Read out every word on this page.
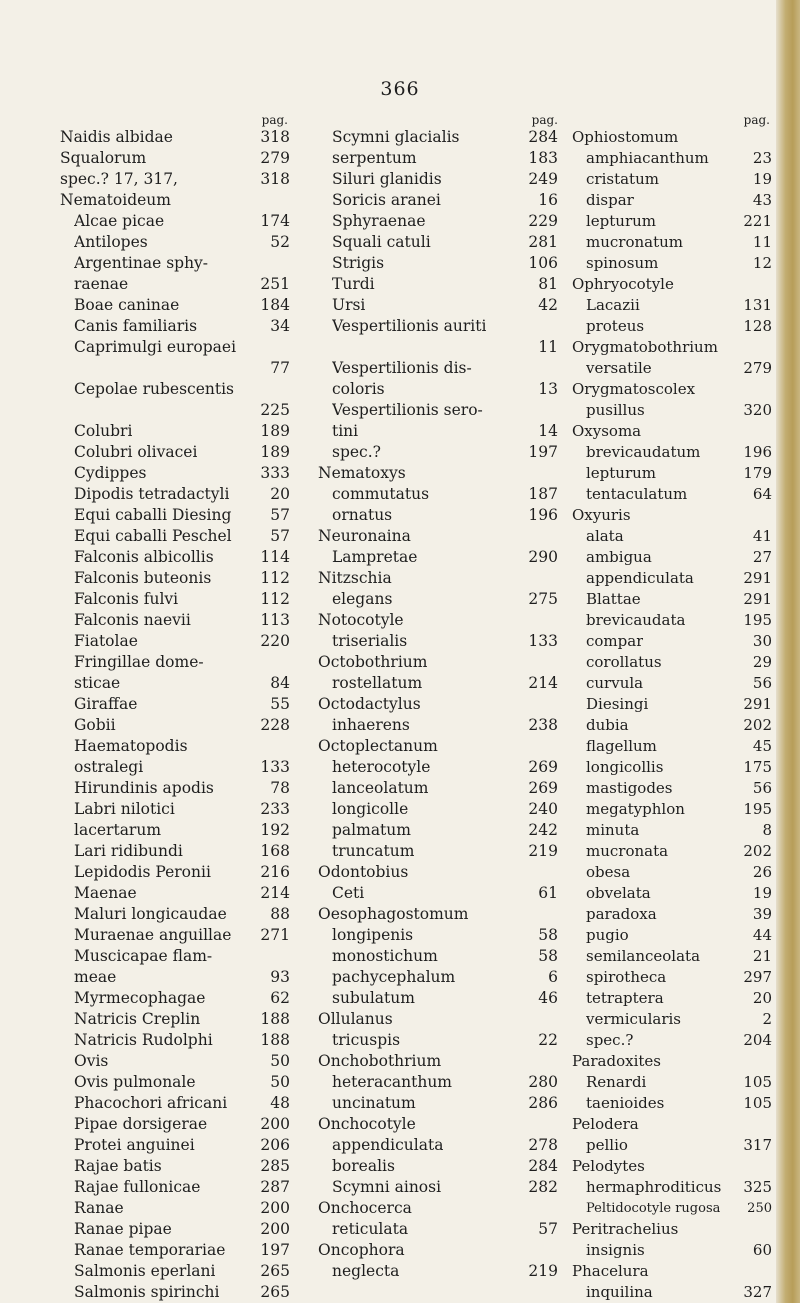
366
pag.
Naidis albidae	318
Squalorum	279
spec.? 17, 317,	318
Nematoideum
Alcae picae	174
Antilopes	52
Argentinae sphy-
raenae	251
Boae caninae	184
Canis familiaris	34
Caprimulgi europaei
77
Cepolae rubescentis
225
Colubri	189
Colubri olivacei	189
Cydippes	333
Dipodis tetradactyli	20
Equi caballi Diesing	57
Equi caballi Peschel	57
Falconis albicollis	114
Falconis buteonis	112
Falconis fulvi	112
Falconis naevii	113
Fiatolae	220
Fringillae dome-
sticae	84
Giraffae	55
Gobii	228
Haematopodis
ostralegi	133
Hirundinis apodis	78
Labri nilotici	233
lacertarum	192
Lari ridibundi	168
Lepidodis Peronii	216
Maenae	214
Maluri longicaudae	88
Muraenae anguillae	271
Muscicapae flam-
meae	93
Myrmecophagae	62
Natricis Creplin	188
Natricis Rudolphi	188
Ovis	50
Ovis pulmonale	50
Phacochori africani	48
Pipae dorsigerae	200
Protei anguinei	206
Rajae batis	285
Rajae fullonicae	287
Ranae	200
Ranae pipae	200
Ranae temporariae	197
Salmonis eperlani	265
Salmonis spirinchi	265
pag.
Scymni glacialis	284
serpentum	183
Siluri glanidis	249
Soricis aranei	16
Sphyraenae	229
Squali catuli	281
Strigis	106
Turdi	81
Ursi	42
Vespertilionis auriti
11
Vespertilionis dis-
coloris	13
Vespertilionis sero-
tini	14
spec.?	197
Nematoxys
commutatus	187
ornatus	196
Neuronaina
Lampretae	290
Nitzschia
elegans	275
Notocotyle
triserialis	133
Octobothrium
rostellatum	214
Octodactylus
inhaerens	238
Octoplectanum
heterocotyle	269
lanceolatum	269
longicolle	240
palmatum	242
truncatum	219
Odontobius
Ceti	61
Oesophagostomum
longipenis	58
monostichum	58
pachycephalum	6
subulatum	46
Ollulanus
tricuspis	22
Onchobothrium
heteracanthum	280
uncinatum	286
Onchocotyle
appendiculata	278
borealis	284
Scymni ainosi	282
Onchocerca
reticulata	57
Oncophora
neglecta	219
pag.
Ophiostomum
amphiacanthum	23
cristatum	19
dispar	43
lepturum	221
mucronatum	11
spinosum	12
Ophryocotyle
Lacazii	131
proteus	128
Orygmatobothrium
versatile	279
Orygmatoscolex
pusillus	320
Oxysoma
brevicaudatum	196
lepturum	179
tentaculatum	64
Oxyuris
alata	41
ambigua	27
appendiculata	291
Blattae	291
brevicaudata	195
compar	30
corollatus	29
curvula	56
Diesingi	291
dubia	202
flagellum	45
longicollis	175
mastigodes	56
megatyphlon	195
minuta	8
mucronata	202
obesa	26
obvelata	19
paradoxa	39
pugio	44
semilanceolata	21
spirotheca	297
tetraptera	20
vermicularis	2
spec.?	204
Paradoxites
Renardi	105
taenioides	105
Pelodera
pellio	317
Pelodytes
hermaphroditicus	325
Peltidocotyle rugosa	250
Peritrachelius
insignis	60
Phacelura
inquilina	327
